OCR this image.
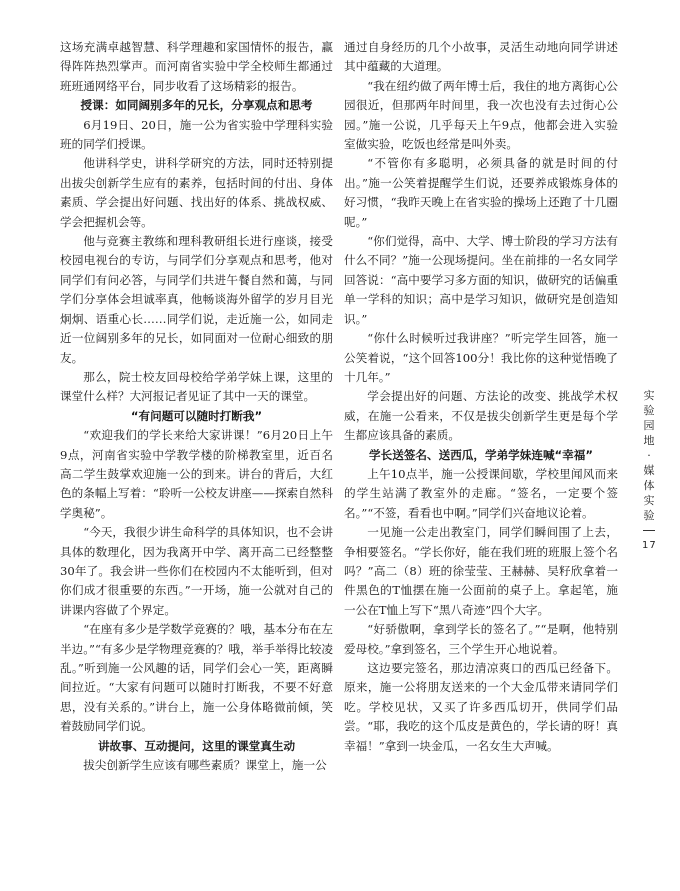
这场充满卓越智慧、科学理趣和家国情怀的报告，赢得阵阵热烈掌声。而河南省实验中学全校师生都通过班班通网络平台，同步收看了这场精彩的报告。

授课：如同阔别多年的兄长，分享观点和思考

6月19日、20日，施一公为省实验中学理科实验班的同学们授课。

他讲科学史，讲科学研究的方法，同时还特别提出拔尖创新学生应有的素养，包括时间的付出、身体素质、学会提出好问题、找出好的体系、挑战权威、学会把握机会等。

他与竞赛主教练和理科教研组长进行座谈，接受校园电视台的专访，与同学们分享观点和思考，他对同学们有问必答，与同学们共进午餐自然和蔼，与同学们分享体会坦诚率真，他畅谈海外留学的岁月目光炯炯、语重心长……同学们说，走近施一公，如同走近一位阔别多年的兄长，如同面对一位耐心细致的朋友。

那么，院士校友回母校给学弟学妹上课，这里的课堂什么样？大河报记者见证了其中一天的课堂。

“有问题可以随时打断我”

“欢迎我们的学长来给大家讲课！”6月20日上午9点，河南省实验中学教学楼的阶梯教室里，近百名高二学生鼓掌欢迎施一公的到来。讲台的背后，大红色的条幅上写着：“聆听一公校友讲座——探索自然科学奥秘”。

“今天，我很少讲生命科学的具体知识，也不会讲具体的数理化，因为我离开中学、离开高二已经整整30年了。我会讲一些你们在校园内不太能听到，但对你们成才很重要的东西。”一开场，施一公就对自己的讲课内容做了个界定。

“在座有多少是学数学竞赛的？哦，基本分布在左半边。”“有多少是学物理竞赛的？哦，举手举得比较凌乱。”听到施一公风趣的话，同学们会心一笑，距离瞬间拉近。“大家有问题可以随时打断我，不要不好意思，没有关系的。”讲台上，施一公身体略微前倾，笑着鼓励同学们说。

讲故事、互动提问，这里的课堂真生动

拔尖创新学生应该有哪些素质？课堂上，施一公

通过自身经历的几个小故事，灵活生动地向同学讲述其中蕴藏的大道理。

“我在纽约做了两年博士后，我住的地方离街心公园很近，但那两年时间里，我一次也没有去过街心公园。”施一公说，几乎每天上午9点，他都会进入实验室做实验，吃饭也经常是叫外卖。

“不管你有多聪明，必须具备的就是时间的付出。”施一公笑着提醒学生们说，还要养成锻炼身体的好习惯，“我昨天晚上在省实验的操场上还跑了十几圈呢。”

“你们觉得，高中、大学、博士阶段的学习方法有什么不同？”施一公现场提问。坐在前排的一名女同学回答说：“高中要学习多方面的知识，做研究的话偏重单一学科的知识；高中是学习知识，做研究是创造知识。”

“你什么时候听过我讲座？”听完学生回答，施一公笑着说，“这个回答100分！我比你的这种觉悟晚了十几年。”

学会提出好的问题、方法论的改变、挑战学术权威，在施一公看来，不仅是拔尖创新学生更是每个学生都应该具备的素质。

学长送签名、送西瓜，学弟学妹连喊“幸福”

上午10点半，施一公授课间歇，学校里闻风而来的学生站满了教室外的走廊。“签名，一定要个签名。”“不签，看看也中啊。”同学们兴奋地议论着。

一见施一公走出教室门，同学们瞬间围了上去，争相要签名。“学长你好，能在我们班的班服上签个名吗？”高二（8）班的徐莹莹、王赫赫、吴籽欣拿着一件黑色的T恤摆在施一公面前的桌子上。拿起笔，施一公在T恤上写下“黑八奇迹”四个大字。

“好骄傲啊，拿到学长的签名了。”“是啊，他特别爱母校。”拿到签名，三个学生开心地说着。

这边要完签名，那边清凉爽口的西瓜已经备下。原来，施一公将朋友送来的一个大金瓜带来请同学们吃。学校见状，又买了许多西瓜切开，供同学们品尝。“耶，我吃的这个瓜皮是黄色的，学长请的呀！真幸福！”拿到一块金瓜，一名女生大声喊。

实
验
园
地
·
媒
体
实
验
17
